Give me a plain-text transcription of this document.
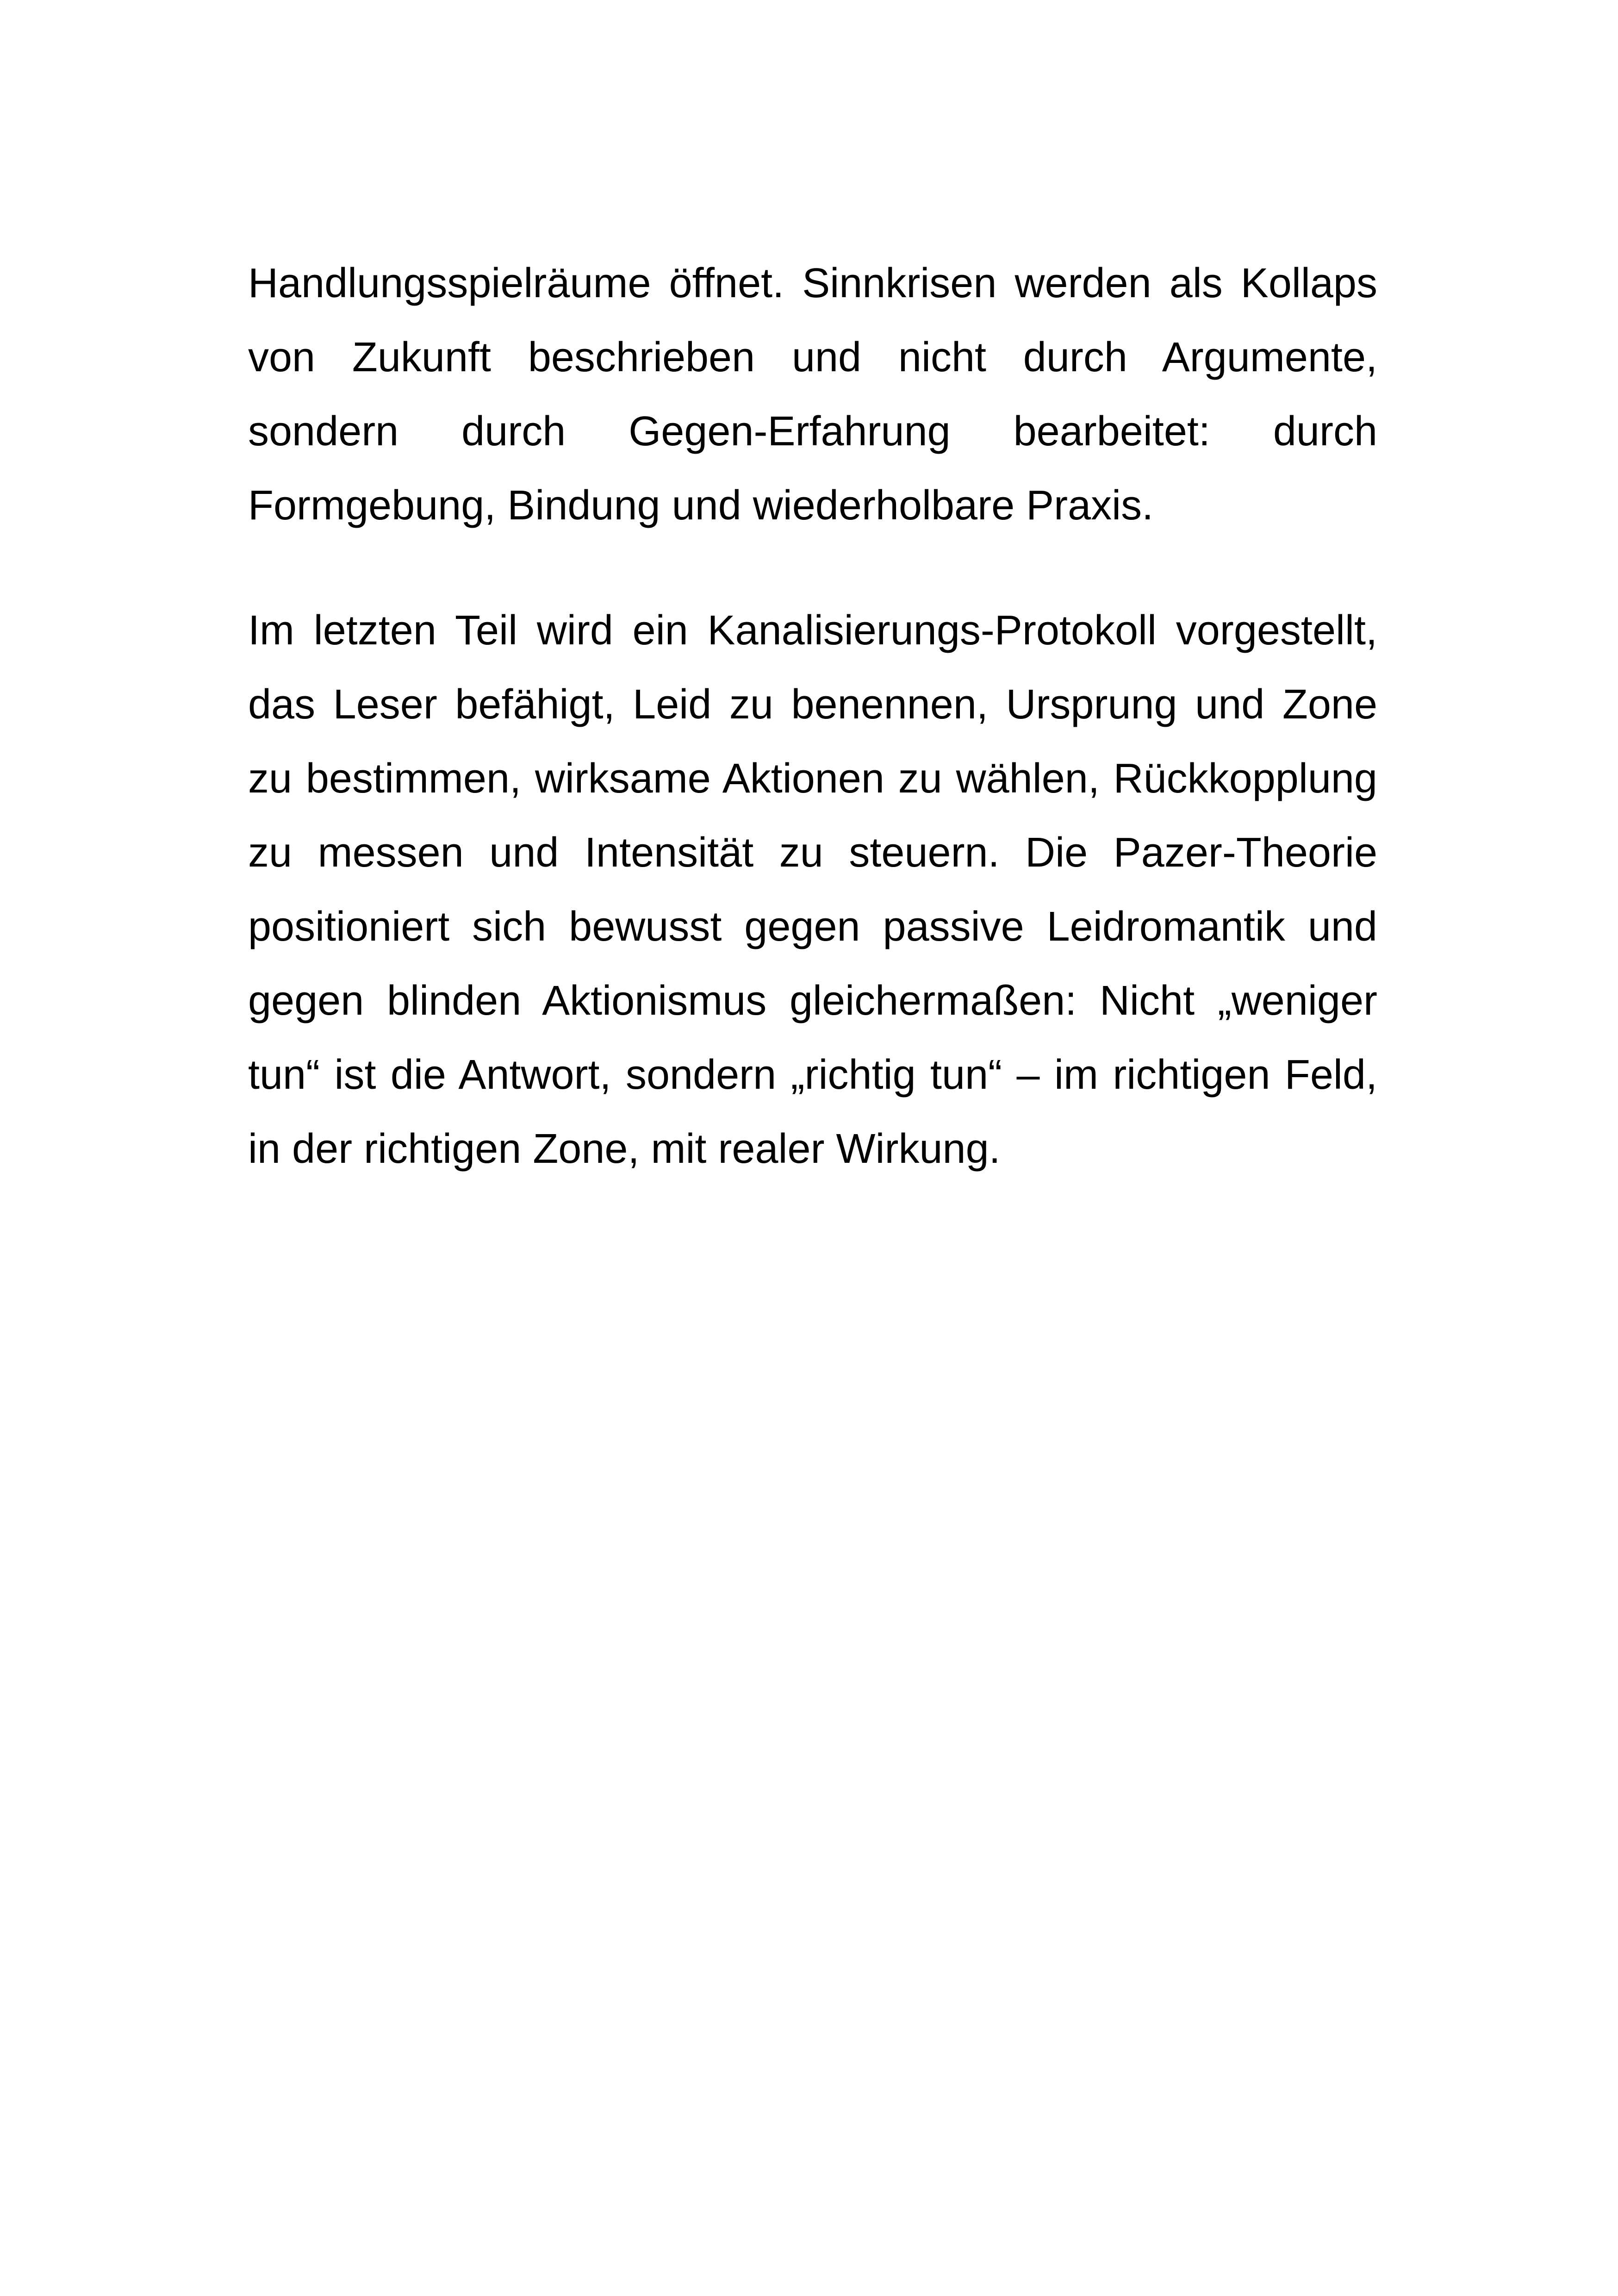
Handlungsspielräume öffnet. Sinnkrisen werden als Kollaps
von Zukunft beschrieben und nicht durch Argumente,
sondern durch Gegen-Erfahrung bearbeitet: durch
Formgebung, Bindung und wiederholbare Praxis.
Im letzten Teil wird ein Kanalisierungs-Protokoll vorgestellt,
das Leser befähigt, Leid zu benennen, Ursprung und Zone
zu bestimmen, wirksame Aktionen zu wählen, Rückkopplung
zu messen und Intensität zu steuern. Die Pazer-Theorie
positioniert sich bewusst gegen passive Leidromantik und
gegen blinden Aktionismus gleichermaßen: Nicht „weniger
tun“ ist die Antwort, sondern „richtig tun“ – im richtigen Feld,
in der richtigen Zone, mit realer Wirkung.
